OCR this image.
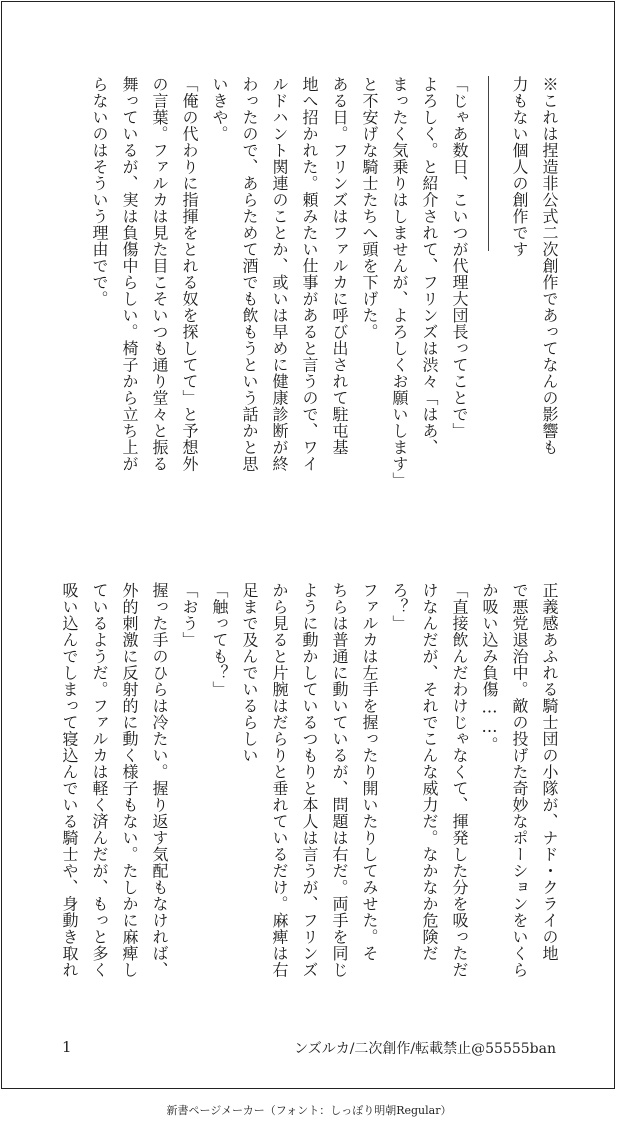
※これは捏造非公式二次創作であってなんの影響も
力もない個人の創作です
「じゃあ数日、こいつが代理大団長ってことで」
よろしく。と紹介されて、フリンズは渋々「はあ、
まったく気乗りはしませんが、よろしくお願いします」
と不安げな騎士たちへ頭を下げた。
ある日。フリンズはファルカに呼び出されて駐屯基
地へ招かれた。頼みたい仕事があると言うので、ワイ
ルドハント関連のことか、或いは早めに健康診断が終
わったので、あらためて酒でも飲もうという話かと思
いきや。
「俺の代わりに指揮をとれる奴を探してて」と予想外
の言葉。ファルカは見た目こそいつも通り堂々と振る
舞っているが、実は負傷中らしい。椅子から立ち上が
らないのはそういう理由でで。
正義感あふれる騎士団の小隊が、ナド・クライの地
で悪党退治中。敵の投げた奇妙なポーションをいくら
か吸い込み負傷……。
「直接飲んだわけじゃなくて、揮発した分を吸っただ
けなんだが、それでこんな威力だ。なかなか危険だ
ろ？」
ファルカは左手を握ったり開いたりしてみせた。そ
ちらは普通に動いているが、問題は右だ。両手を同じ
ように動かしているつもりと本人は言うが、フリンズ
から見ると片腕はだらりと垂れているだけ。麻痺は右
足まで及んでいるらしい
「触っても？」
「おう」
握った手のひらは冷たい。握り返す気配もなければ、
外的刺激に反射的に動く様子もない。たしかに麻痺し
ているようだ。ファルカは軽く済んだが、もっと多く
吸い込んでしまって寝込んでいる騎士や、身動き取れ
1	ンズルカ/二次創作/転載禁止@55555ban
新書ページメーカー（フォント：しっぽり明朝Regular）
